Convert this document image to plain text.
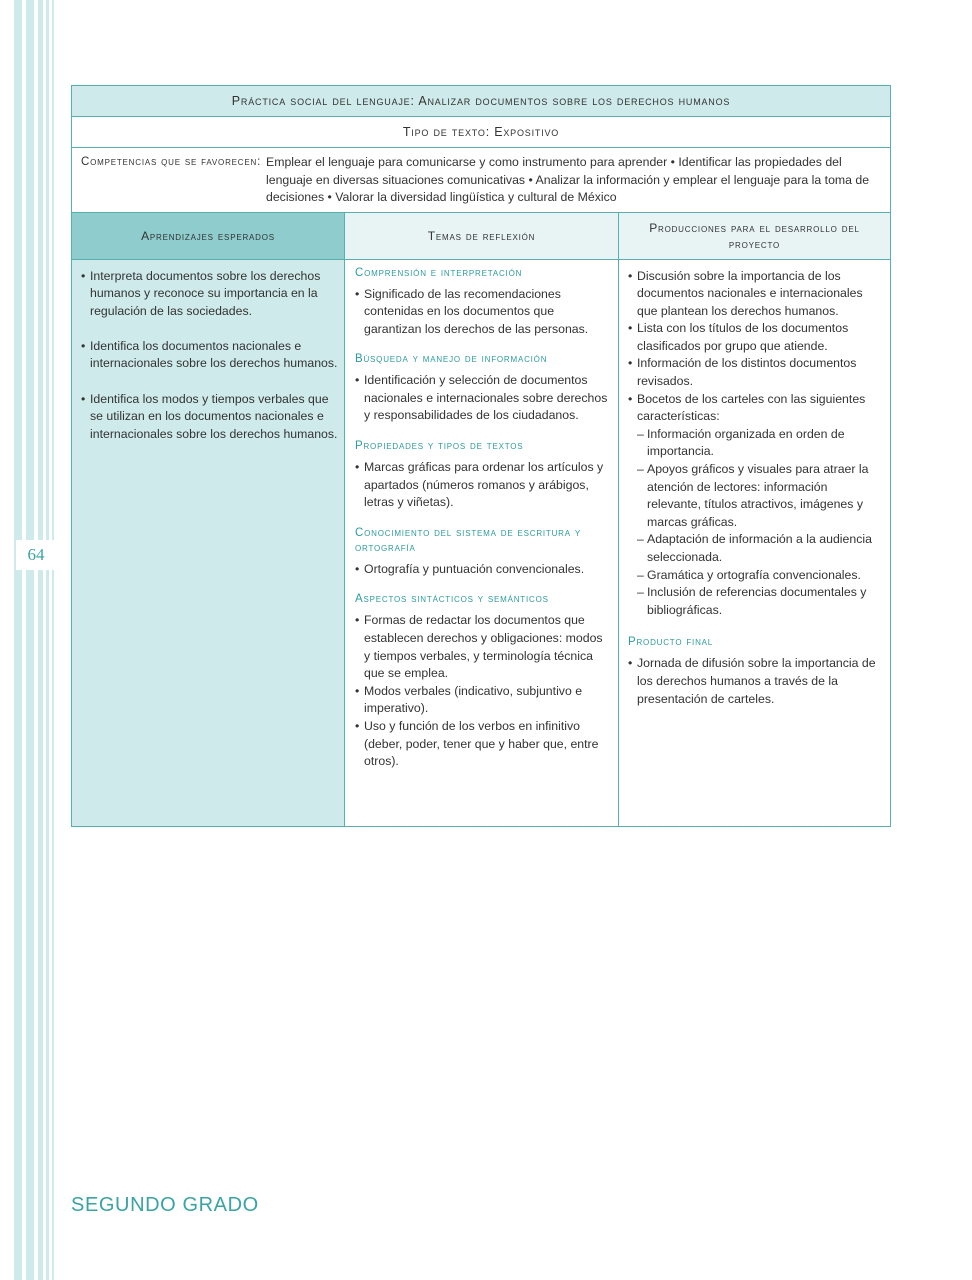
64
Práctica social del lenguaje: Analizar documentos sobre los derechos humanos
Tipo de texto: Expositivo
Competencias que se favorecen: Emplear el lenguaje para comunicarse y como instrumento para aprender • Identificar las propiedades del lenguaje en diversas situaciones comunicativas • Analizar la información y emplear el lenguaje para la toma de decisiones • Valorar la diversidad lingüística y cultural de México
Aprendizajes esperados	Temas de reflexión
Producciones para el desarrollo del proyecto
• Interpreta documentos sobre los derechos humanos y reconoce su importancia en la regulación de las sociedades.
• Identifica los documentos nacionales e internacionales sobre los derechos humanos.
• Identifica los modos y tiempos verbales que se utilizan en los documentos nacionales e internacionales sobre los derechos humanos.
Comprensión e interpretación
• Significado de las recomendaciones contenidas en los documentos que garantizan los derechos de las personas.
Búsqueda y manejo de información
• Identificación y selección de documentos nacionales e internacionales sobre derechos y responsabilidades de los ciudadanos.
Propiedades y tipos de textos
• Marcas gráficas para ordenar los artículos y apartados (números romanos y arábigos, letras y viñetas).
Conocimiento del sistema de escritura y ortografía
• Ortografía y puntuación convencionales.
Aspectos sintácticos y semánticos
• Formas de redactar los documentos que establecen derechos y obligaciones: modos y tiempos verbales, y terminología técnica que se emplea.
• Modos verbales (indicativo, subjuntivo e imperativo).
• Uso y función de los verbos en infinitivo (deber, poder, tener que y haber que, entre otros).
• Discusión sobre la importancia de los documentos nacionales e internacionales que plantean los derechos humanos.
• Lista con los títulos de los documentos clasificados por grupo que atiende.
• Información de los distintos documentos revisados.
• Bocetos de los carteles con las siguientes características:
– Información organizada en orden de importancia.
– Apoyos gráficos y visuales para atraer la atención de lectores: información relevante, títulos atractivos, imágenes y marcas gráficas.
– Adaptación de información a la audiencia seleccionada.
– Gramática y ortografía convencionales.
– Inclusión de referencias documentales y bibliográficas.
Producto final
• Jornada de difusión sobre la importancia de los derechos humanos a través de la presentación de carteles.
SEGUNDO GRADO
